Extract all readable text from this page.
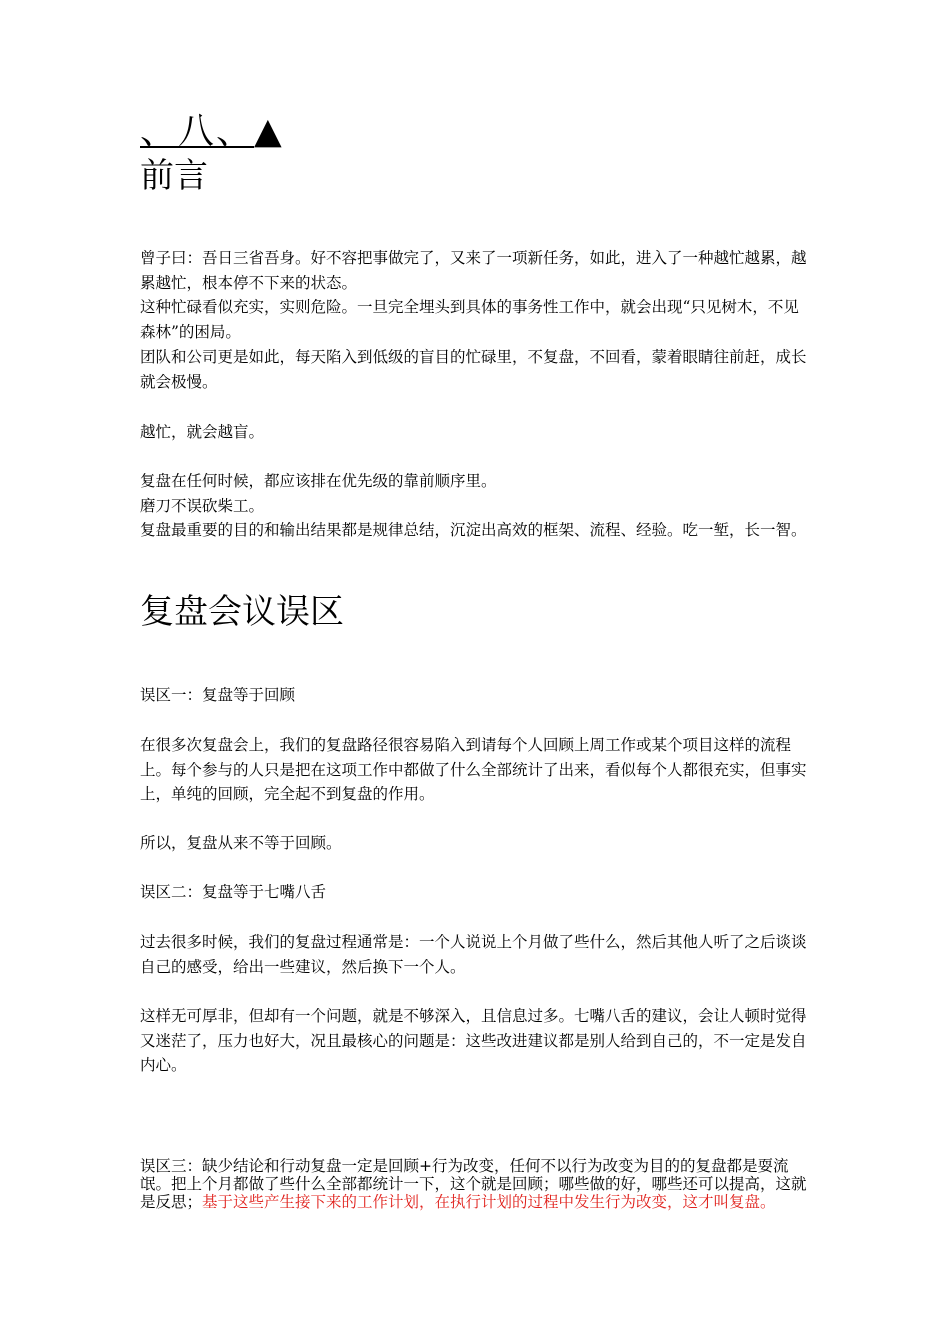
、八、▲
前言
曾子曰：吾日三省吾身。好不容把事做完了，又来了一项新任务，如此，进入了一种越忙越累，越累越忙，根本停不下来的状态。
这种忙碌看似充实，实则危险。一旦完全埋头到具体的事务性工作中，就会出现“只见树木，不见森林”的困局。
团队和公司更是如此，每天陷入到低级的盲目的忙碌里，不复盘，不回看，蒙着眼睛往前赶，成长就会极慢。
越忙，就会越盲。
复盘在任何时候，都应该排在优先级的靠前顺序里。
磨刀不误砍柴工。
复盘最重要的目的和输出结果都是规律总结，沉淀出高效的框架、流程、经验。吃一堑，长一智。
复盘会议误区
误区一：复盘等于回顾
在很多次复盘会上，我们的复盘路径很容易陷入到请每个人回顾上周工作或某个项目这样的流程上。每个参与的人只是把在这项工作中都做了什么全部统计了出来，看似每个人都很充实，但事实上，单纯的回顾，完全起不到复盘的作用。
所以，复盘从来不等于回顾。
误区二：复盘等于七嘴八舌
过去很多时候，我们的复盘过程通常是：一个人说说上个月做了些什么，然后其他人听了之后谈谈自己的感受，给出一些建议，然后换下一个人。
这样无可厚非，但却有一个问题，就是不够深入，且信息过多。七嘴八舌的建议，会让人顿时觉得又迷茫了，压力也好大，况且最核心的问题是：这些改进建议都是别人给到自己的，不一定是发自内心。
误区三：缺少结论和行动复盘一定是回顾+行为改变，任何不以行为改变为目的的复盘都是耍流氓。把上个月都做了些什么全部都统计一下，这个就是回顾；哪些做的好，哪些还可以提高，这就是反思；基于这些产生接下来的工作计划，在执行计划的过程中发生行为改变，这才叫复盘。
